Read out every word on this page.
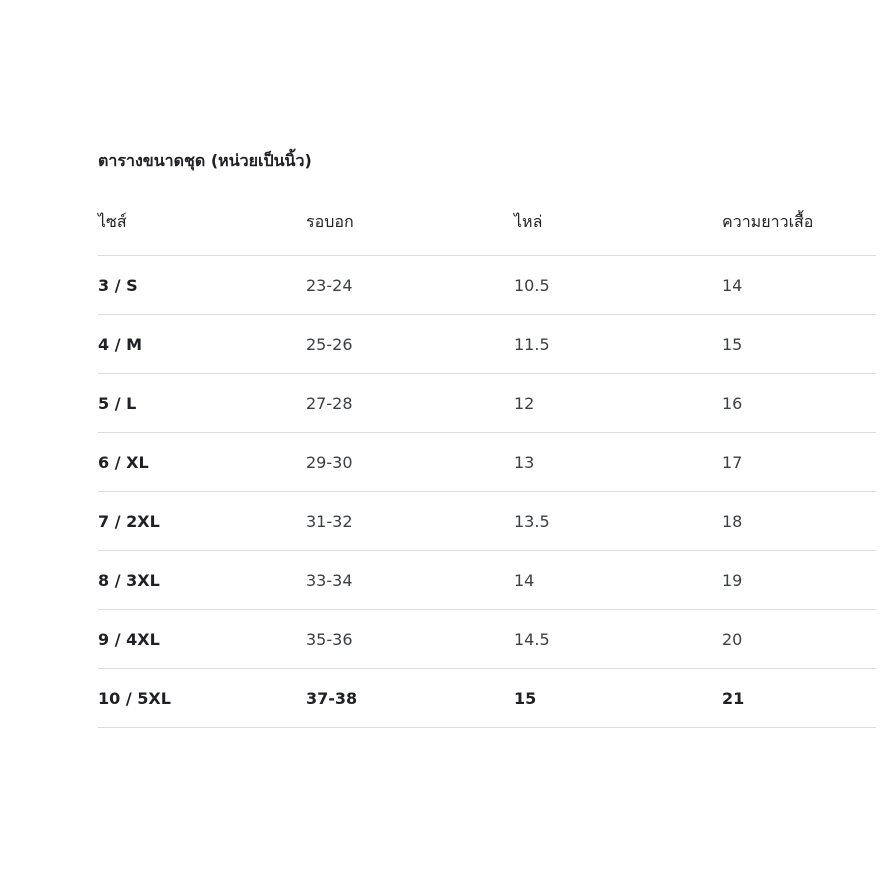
ตารางขนาดชุด (หน่วยเป็นนิ้ว)
ไซส์	รอบอก	ไหล่	ความยาวเสื้อ
3 / S	23-24	10.5	14
4 / M	25-26	11.5	15
5 / L	27-28	12	16
6 / XL	29-30	13	17
7 / 2XL	31-32	13.5	18
8 / 3XL	33-34	14	19
9 / 4XL	35-36	14.5	20
10 / 5XL	37-38	15	21
